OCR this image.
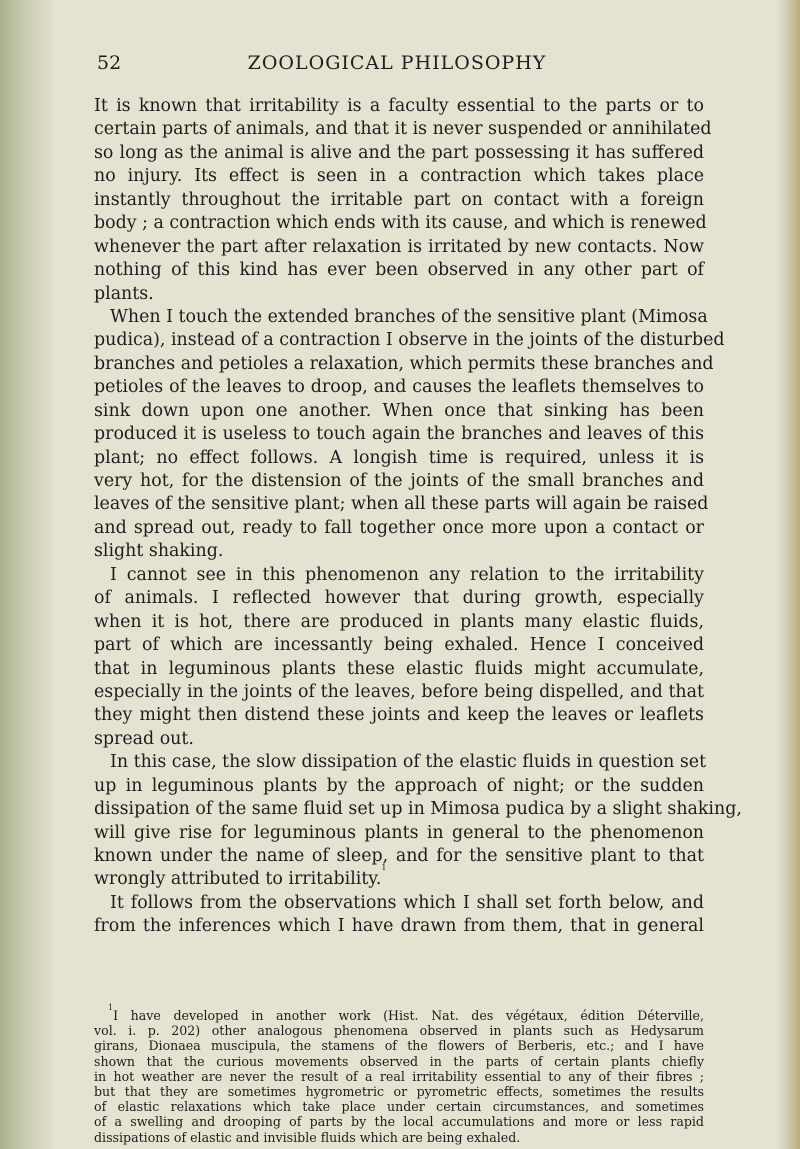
52	ZOOLOGICAL PHILOSOPHY

It is known that irritability is a faculty essential to the parts or to
certain parts of animals, and that it is never suspended or annihilated
so long as the animal is alive and the part possessing it has suffered
no injury. Its effect is seen in a contraction which takes place
instantly throughout the irritable part on contact with a foreign
body ; a contraction which ends with its cause, and which is renewed
whenever the part after relaxation is irritated by new contacts. Now
nothing of this kind has ever been observed in any other part of
plants.

When I touch the extended branches of the sensitive plant (Mimosa
pudica), instead of a contraction I observe in the joints of the disturbed
branches and petioles a relaxation, which permits these branches and
petioles of the leaves to droop, and causes the leaflets themselves to
sink down upon one another. When once that sinking has been
produced it is useless to touch again the branches and leaves of this
plant; no effect follows. A longish time is required, unless it is
very hot, for the distension of the joints of the small branches and
leaves of the sensitive plant; when all these parts will again be raised
and spread out, ready to fall together once more upon a contact or
slight shaking.

I cannot see in this phenomenon any relation to the irritability
of animals. I reflected however that during growth, especially
when it is hot, there are produced in plants many elastic fluids,
part of which are incessantly being exhaled. Hence I conceived
that in leguminous plants these elastic fluids might accumulate,
especially in the joints of the leaves, before being dispelled, and that
they might then distend these joints and keep the leaves or leaflets
spread out.

In this case, the slow dissipation of the elastic fluids in question set
up in leguminous plants by the approach of night; or the sudden
dissipation of the same fluid set up in Mimosa pudica by a slight shaking,
will give rise for leguminous plants in general to the phenomenon
known under the name of sleep, and for the sensitive plant to that
wrongly attributed to irritability.$^1$

It follows from the observations which I shall set forth below, and
from the inferences which I have drawn from them, that in general

$^1$I have developed in another work (Hist. Nat. des végétaux, édition Déterville,
vol. i. p. 202) other analogous phenomena observed in plants such as Hedysarum
girans, Dionaea muscipula, the stamens of the flowers of Berberis, etc.; and I have
shown that the curious movements observed in the parts of certain plants chiefly
in hot weather are never the result of a real irritability essential to any of their fibres ;
but that they are sometimes hygrometric or pyrometric effects, sometimes the results
of elastic relaxations which take place under certain circumstances, and sometimes
of a swelling and drooping of parts by the local accumulations and more or less rapid
dissipations of elastic and invisible fluids which are being exhaled.
